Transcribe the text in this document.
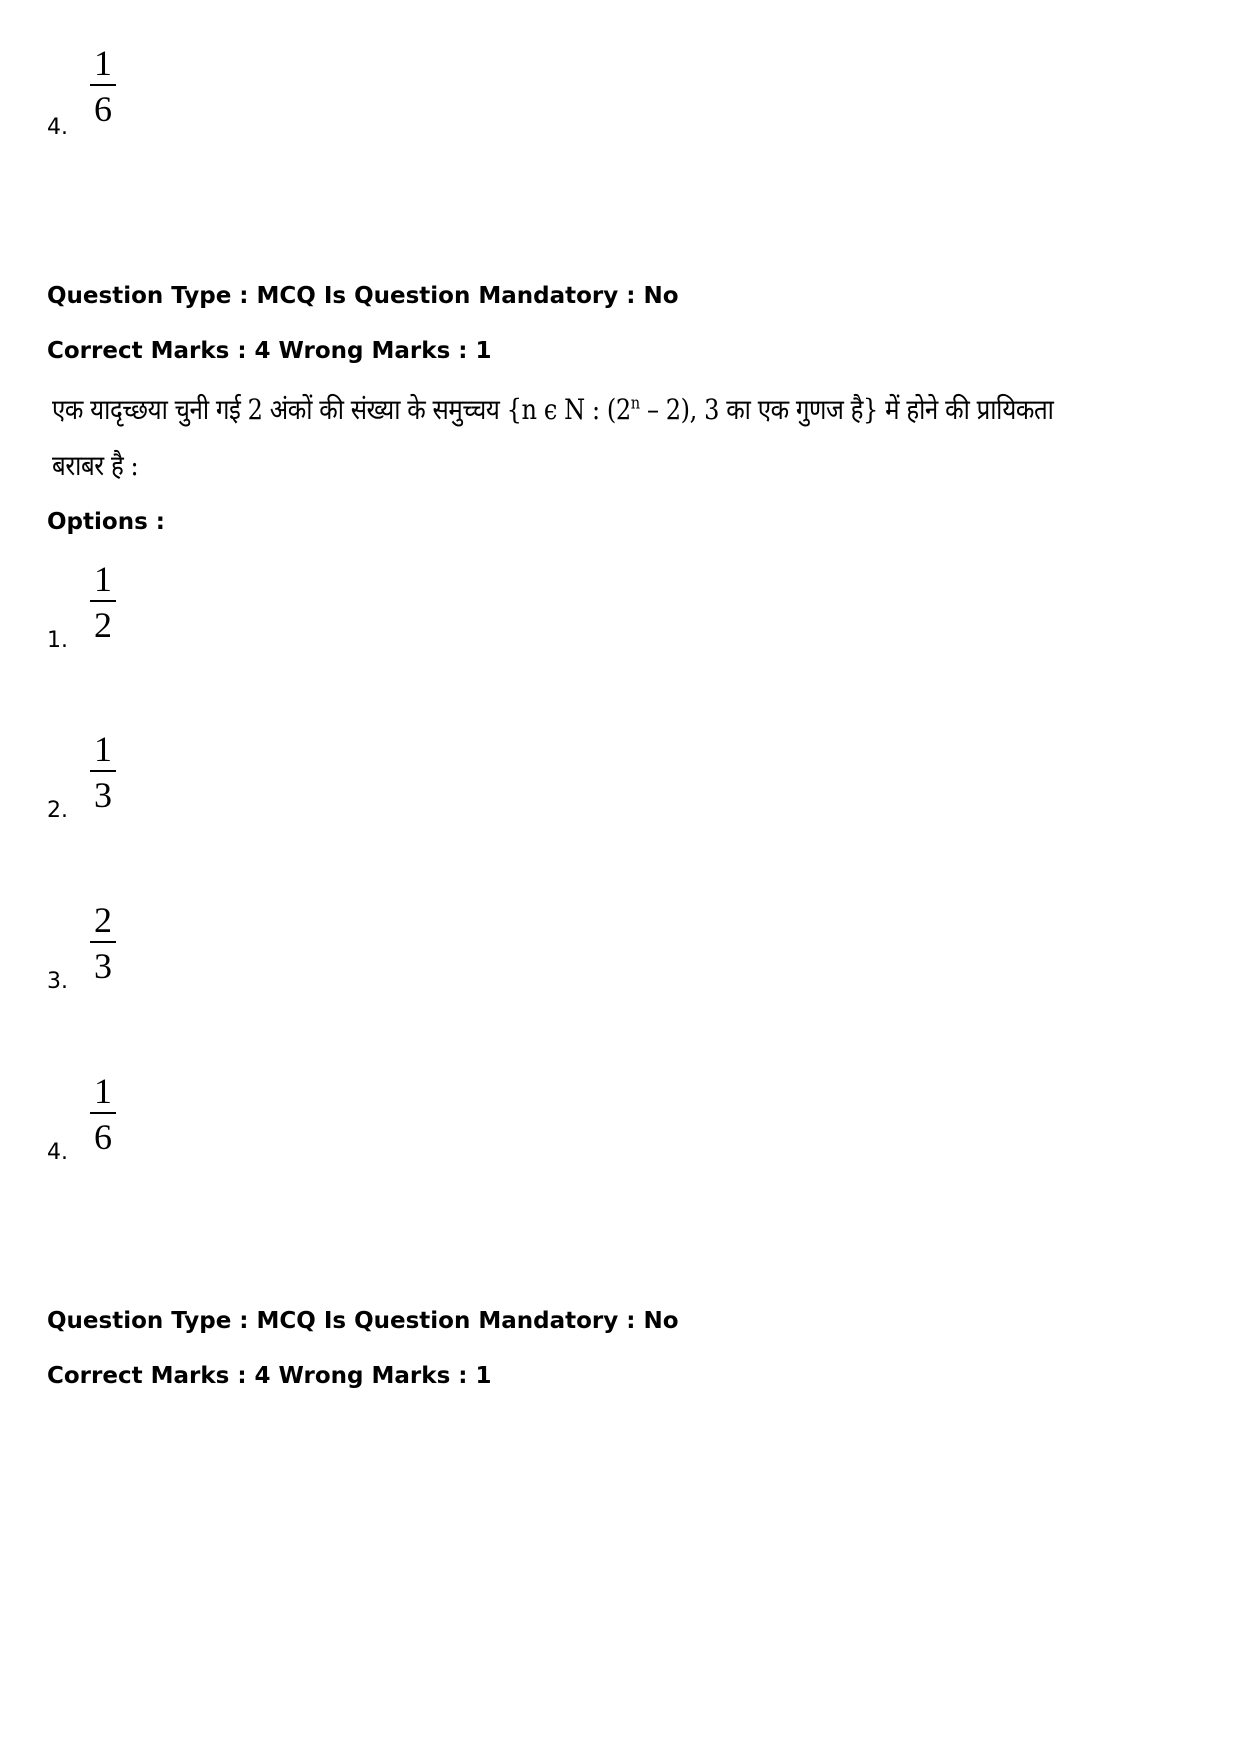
4.
1
6
Question Type : MCQ Is Question Mandatory : No
Correct Marks : 4 Wrong Marks : 1
एक यादृच्छया चुनी गई 2 अंकों की संख्या के समुच्चय {n ϵ N : (2$^n$ – 2), 3 का एक गुणज है} में होने की प्रायिकता
बराबर है :
Options :
1.
1
2
2.
1
3
3.
2
3
4.
1
6
Question Type : MCQ Is Question Mandatory : No
Correct Marks : 4 Wrong Marks : 1
